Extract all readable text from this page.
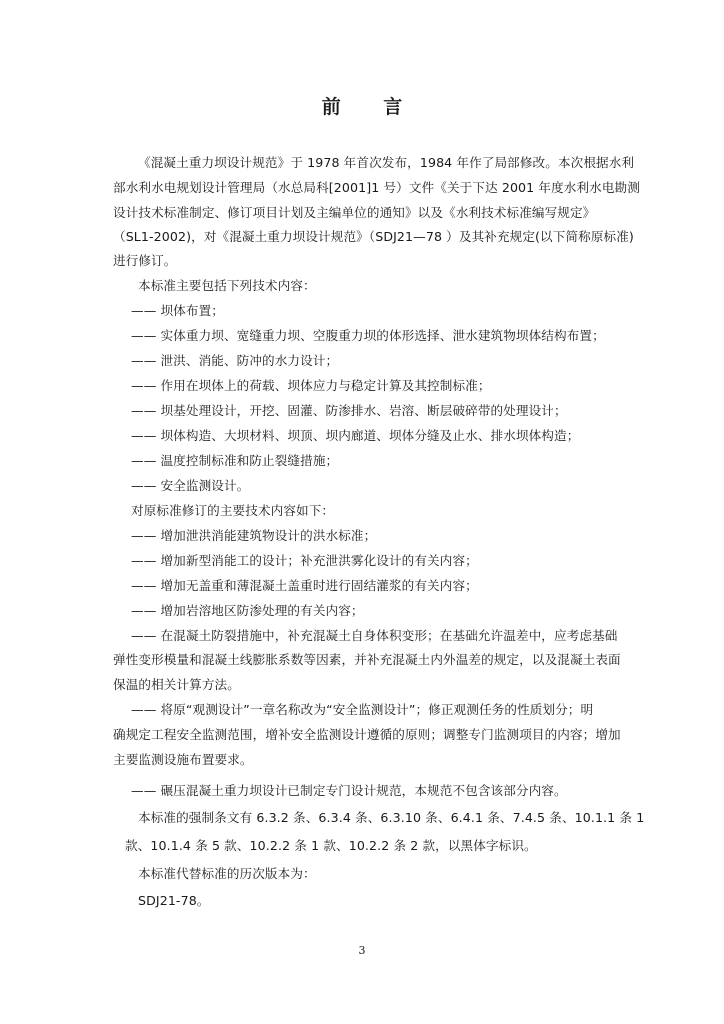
前 言
《混凝土重力坝设计规范》于 1978 年首次发布，1984 年作了局部修改。本次根据水利
部水利水电规划设计管理局（水总局科[2001]1 号）文件《关于下达 2001 年度水利水电勘测
设计技术标准制定、修订项目计划及主编单位的通知》以及《水利技术标准编写规定》
（SL1-2002)，对《混凝土重力坝设计规范》（SDJ21—78 ）及其补充规定(以下简称原标准)
进行修订。
本标准主要包括下列技术内容：
—— 坝体布置；
—— 实体重力坝、宽缝重力坝、空腹重力坝的体形选择、泄水建筑物坝体结构布置；
—— 泄洪、消能、防冲的水力设计；
—— 作用在坝体上的荷载、坝体应力与稳定计算及其控制标准；
—— 坝基处理设计，开挖、固灌、防渗排水、岩溶、断层破碎带的处理设计；
—— 坝体构造、大坝材料、坝顶、坝内廊道、坝体分缝及止水、排水坝体构造；
—— 温度控制标准和防止裂缝措施；
—— 安全监测设计。
对原标准修订的主要技术内容如下：
—— 增加泄洪消能建筑物设计的洪水标准；
—— 增加新型消能工的设计；补充泄洪雾化设计的有关内容；
—— 增加无盖重和薄混凝土盖重时进行固结灌浆的有关内容；
—— 增加岩溶地区防渗处理的有关内容；
—— 在混凝土防裂措施中，补充混凝土自身体积变形；在基础允许温差中，应考虑基础
弹性变形模量和混凝土线膨胀系数等因素，并补充混凝土内外温差的规定，以及混凝土表面
保温的相关计算方法。
—— 将原“观测设计”一章名称改为“安全监测设计”；修正观测任务的性质划分；明
确规定工程安全监测范围，增补安全监测设计遵循的原则；调整专门监测项目的内容；增加
主要监测设施布置要求。
—— 碾压混凝土重力坝设计已制定专门设计规范，本规范不包含该部分内容。
本标准的强制条文有 6.3.2 条、6.3.4 条、6.3.10 条、6.4.1 条、7.4.5 条、10.1.1 条 1
款、10.1.4 条 5 款、10.2.2 条 1 款、10.2.2 条 2 款，以黑体字标识。
本标准代替标准的历次版本为：
SDJ21-78。
3
